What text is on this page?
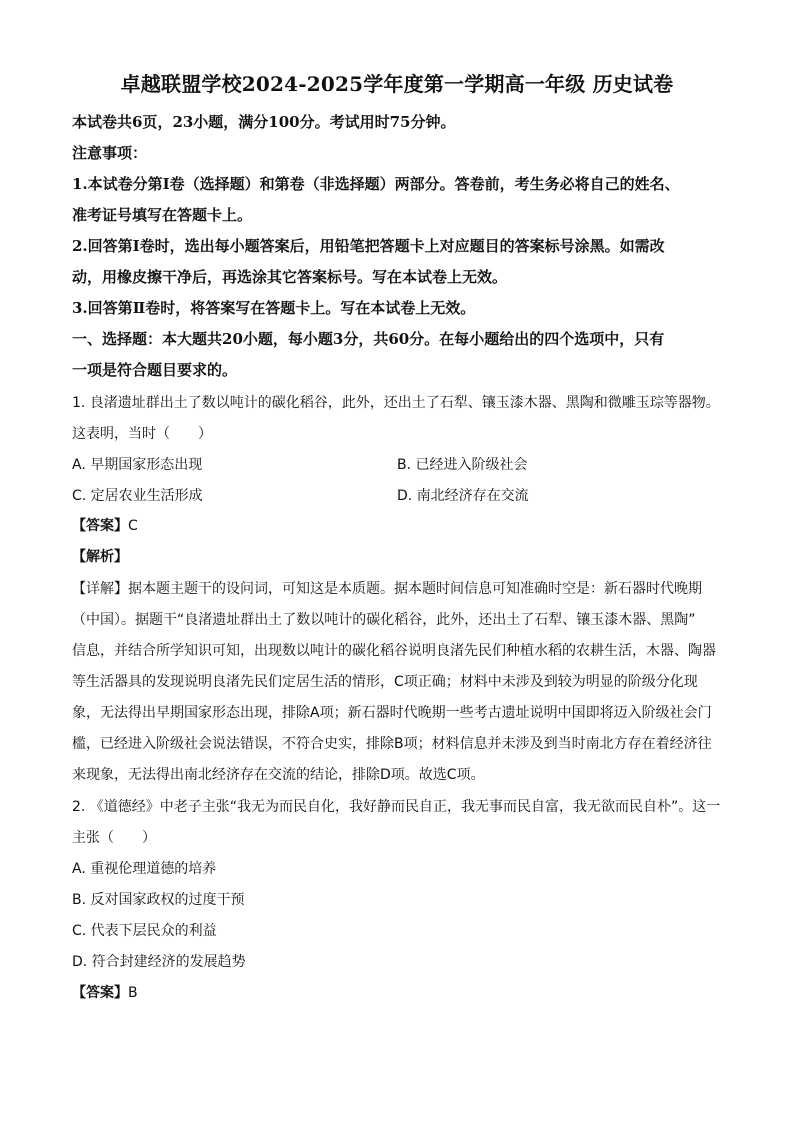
卓越联盟学校2024-2025学年度第一学期高一年级 历史试卷
本试卷共6页，23小题，满分100分。考试用时75分钟。
注意事项：
1.本试卷分第Ⅰ卷（选择题）和第卷（非选择题）两部分。答卷前，考生务必将自己的姓名、
准考证号填写在答题卡上。
2.回答第Ⅰ卷时，选出每小题答案后，用铅笔把答题卡上对应题目的答案标号涂黑。如需改
动，用橡皮擦干净后，再选涂其它答案标号。写在本试卷上无效。
3.回答第Ⅱ卷时，将答案写在答题卡上。写在本试卷上无效。
一、选择题：本大题共20小题，每小题3分，共60分。在每小题给出的四个选项中，只有
一项是符合题目要求的。
1. 良渚遗址群出土了数以吨计的碳化稻谷，此外，还出土了石犁、镶玉漆木器、黑陶和微雕玉琮等器物。
这表明，当时（　　）
A. 早期国家形态出现	B. 已经进入阶级社会
C. 定居农业生活形成	D. 南北经济存在交流
【答案】C
【解析】
【详解】据本题主题干的设问词，可知这是本质题。据本题时间信息可知准确时空是：新石器时代晚期
（中国）。据题干“良渚遗址群出土了数以吨计的碳化稻谷，此外，还出土了石犁、镶玉漆木器、黑陶”
信息，并结合所学知识可知，出现数以吨计的碳化稻谷说明良渚先民们种植水稻的农耕生活，木器、陶器
等生活器具的发现说明良渚先民们定居生活的情形，C项正确；材料中未涉及到较为明显的阶级分化现
象，无法得出早期国家形态出现，排除A项；新石器时代晚期一些考古遗址说明中国即将迈入阶级社会门
槛，已经进入阶级社会说法错误，不符合史实，排除B项；材料信息并未涉及到当时南北方存在着经济往
来现象，无法得出南北经济存在交流的结论，排除D项。故选C项。
2. 《道德经》中老子主张“我无为而民自化，我好静而民自正，我无事而民自富，我无欲而民自朴”。这一
主张（　　）
A. 重视伦理道德的培养
B. 反对国家政权的过度干预
C. 代表下层民众的利益
D. 符合封建经济的发展趋势
【答案】B
